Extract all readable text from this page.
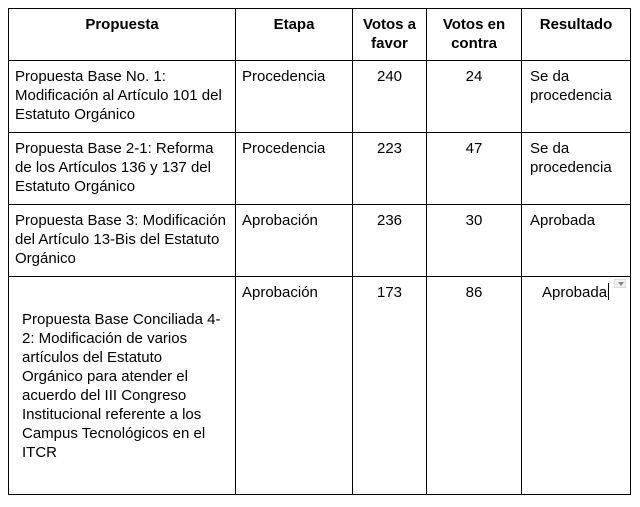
Propuesta	Etapa	Votos a favor	Votos en contra	Resultado

Propuesta Base No. 1: Modificación al Artículo 101 del Estatuto Orgánico	Procedencia	240	24	Se da procedencia

Propuesta Base 2-1: Reforma de los Artículos 136 y 137 del Estatuto Orgánico	Procedencia	223	47	Se da procedencia

Propuesta Base 3: Modificación del Artículo 13-Bis del Estatuto Orgánico	Aprobación	236	30	Aprobada

Propuesta Base Conciliada 4-2: Modificación de varios artículos del Estatuto Orgánico para atender el acuerdo del III Congreso Institucional referente a los Campus Tecnológicos en el ITCR	Aprobación	173	86	Aprobada
